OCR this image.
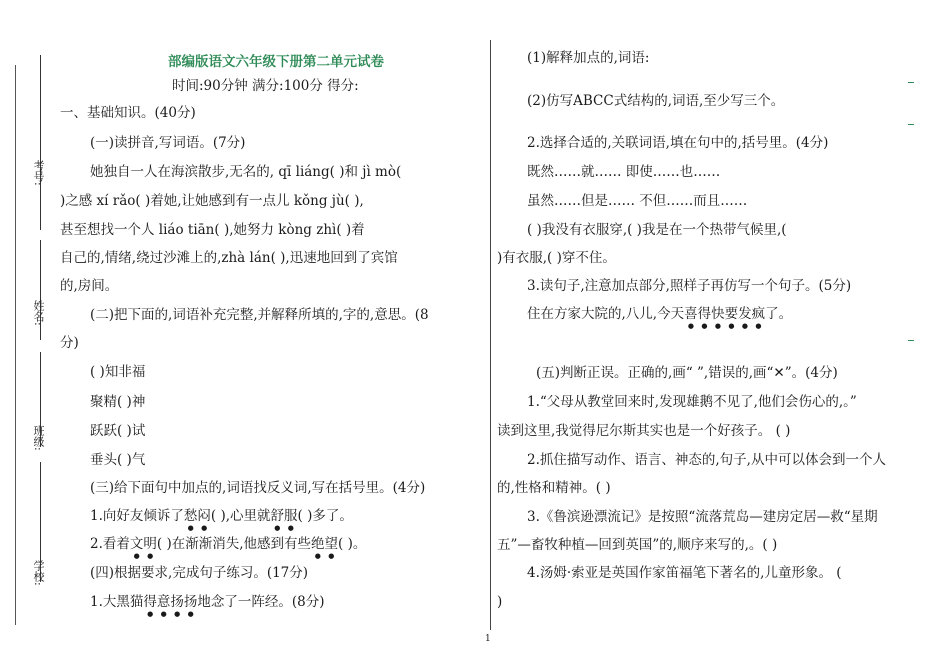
考号:
姓名:
班级:
学校:
部编版语文六年级下册第二单元试卷
时间:90分钟 满分:100分 得分:
一、基础知识。(40分)
(一)读拼音,写词语。(7分)
她独自一人在海滨散步,无名的, qī liáng( )和 jì mò(
)之感 xí rǎo( )着她,让她感到有一点儿 kǒng jù( ),
甚至想找一个人 liáo tiān( ),她努力 kòng zhì( )着
自己的,情绪,绕过沙滩上的,zhà lán( ),迅速地回到了宾馆
的,房间。
(二)把下面的,词语补充完整,并解释所填的,字的,意思。(8
分)
( )知非福
聚精( )神
跃跃( )试
垂头( )气
(三)给下面句中加点的,词语找反义词,写在括号里。(4分)
1.向好友倾诉了愁闷( ),心里就舒服( )多了。
2.看着文明( )在渐渐消失,他感到有些绝望( )。
(四)根据要求,完成句子练习。(17分)
1.大黑猫得意扬扬地念了一阵经。(8分)
(1)解释加点的,词语:
(2)仿写ABCC式结构的,词语,至少写三个。
2.选择合适的,关联词语,填在句中的,括号里。(4分)
既然……就…… 即使……也……
虽然……但是…… 不但……而且……
( )我没有衣服穿,( )我是在一个热带气候里,(
)有衣服,( )穿不住。
3.读句子,注意加点部分,照样子再仿写一个句子。(5分)
住在方家大院的,八儿,今天喜得快要发疯了。
(五)判断正误。正确的,画“ ”,错误的,画“✕”。(4分)
1.“父母从教堂回来时,发现雄鹅不见了,他们会伤心的,。”
读到这里,我觉得尼尔斯其实也是一个好孩子。 ( )
2.抓住描写动作、语言、神态的,句子,从中可以体会到一个人
的,性格和精神。( )
3.《鲁滨逊漂流记》是按照“流落荒岛—建房定居—救“星期
五”—畜牧种植—回到英国”的,顺序来写的,。( )
4.汤姆·索亚是英国作家笛福笔下著名的,儿童形象。 (
)
1
